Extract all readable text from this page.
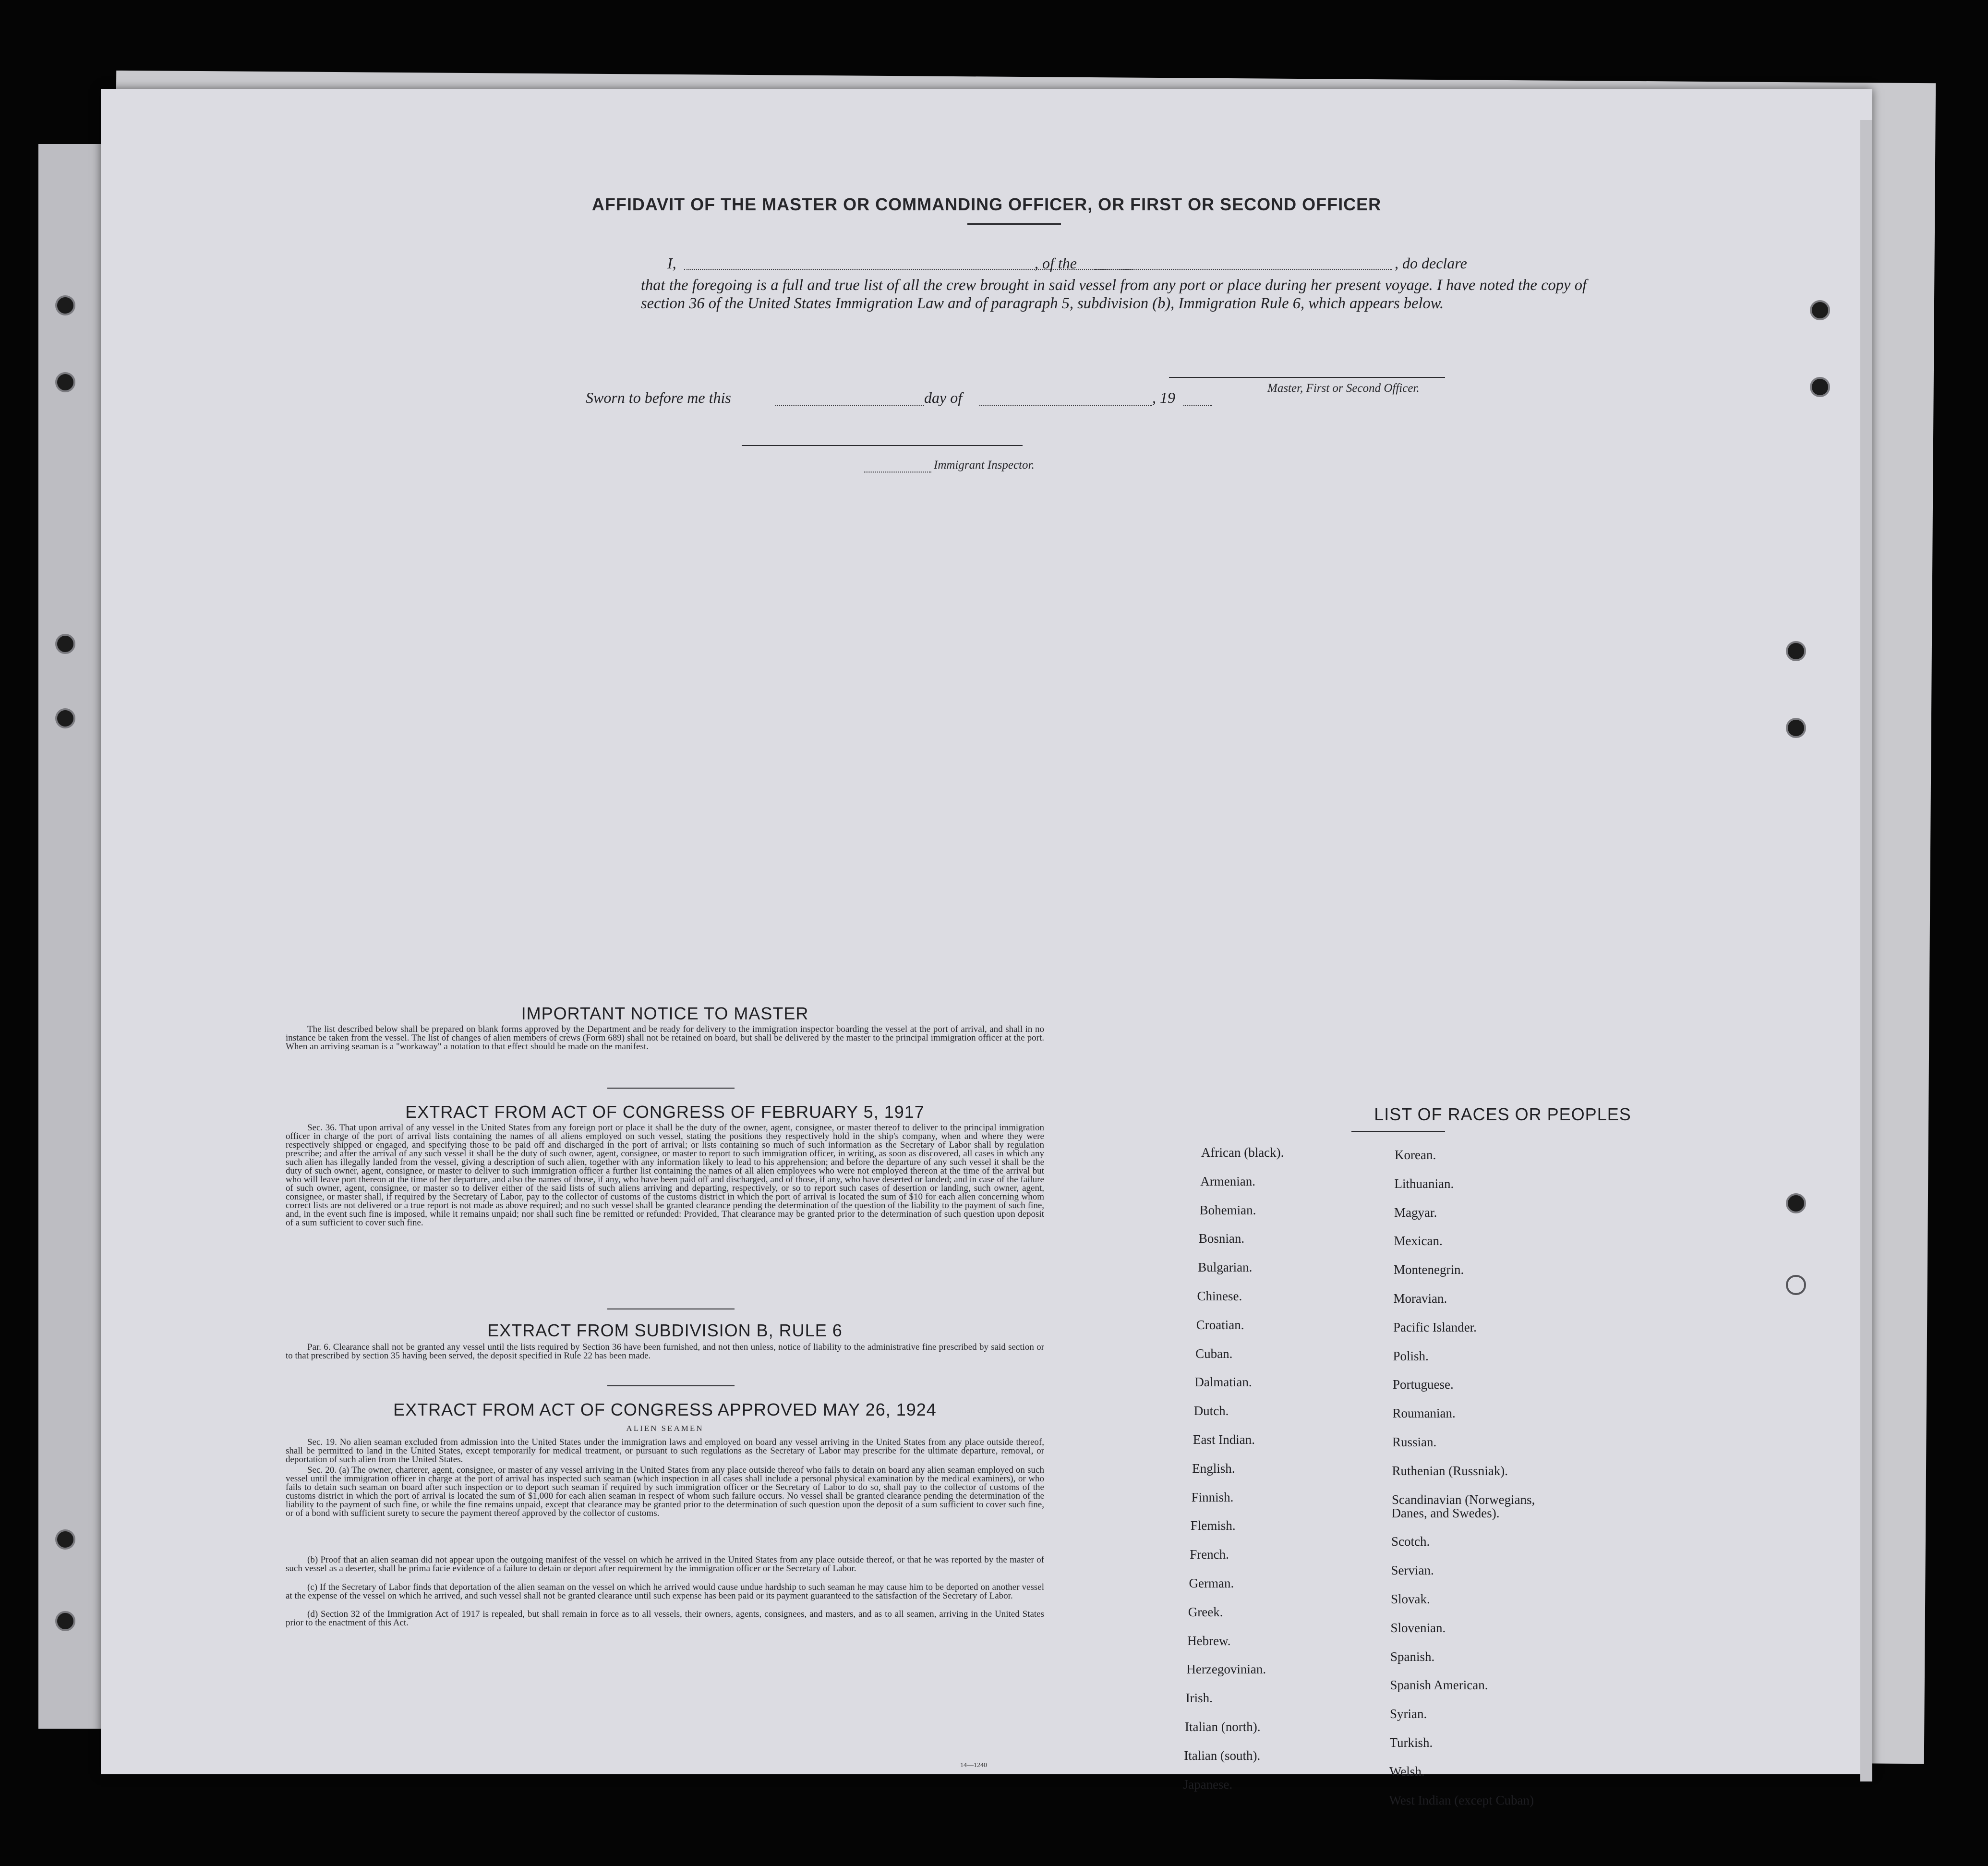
AFFIDAVIT OF THE MASTER OR COMMANDING OFFICER, OR FIRST OR SECOND OFFICER
I,	, of the	, do declare
that the foregoing is a full and true list of all the crew brought in said vessel from any port or place during her present voyage. I have noted the copy of section 36 of the United States Immigration Law and of paragraph 5, subdivision (b), Immigration Rule 6, which appears below.
Master, First or Second Officer.
Sworn to before me this	day of	, 19
Immigrant Inspector.
IMPORTANT NOTICE TO MASTER
The list described below shall be prepared on blank forms approved by the Department and be ready for delivery to the immigration inspector boarding the vessel at the port of arrival, and shall in no instance be taken from the vessel. The list of changes of alien members of crews (Form 689) shall not be retained on board, but shall be delivered by the master to the principal immigration officer at the port. When an arriving seaman is a "workaway" a notation to that effect should be made on the manifest.
EXTRACT FROM ACT OF CONGRESS OF FEBRUARY 5, 1917
Sec. 36. That upon arrival of any vessel in the United States from any foreign port or place it shall be the duty of the owner, agent, consignee, or master thereof to deliver to the principal immigration officer in charge of the port of arrival lists containing the names of all aliens employed on such vessel, stating the positions they respectively hold in the ship's company, when and where they were respectively shipped or engaged, and specifying those to be paid off and discharged in the port of arrival; or lists containing so much of such information as the Secretary of Labor shall by regulation prescribe; and after the arrival of any such vessel it shall be the duty of such owner, agent, consignee, or master to report to such immigration officer, in writing, as soon as discovered, all cases in which any such alien has illegally landed from the vessel, giving a description of such alien, together with any information likely to lead to his apprehension; and before the departure of any such vessel it shall be the duty of such owner, agent, consignee, or master to deliver to such immigration officer a further list containing the names of all alien employees who were not employed thereon at the time of the arrival but who will leave port thereon at the time of her departure, and also the names of those, if any, who have been paid off and discharged, and of those, if any, who have deserted or landed; and in case of the failure of such owner, agent, consignee, or master so to deliver either of the said lists of such aliens arriving and departing, respectively, or so to report such cases of desertion or landing, such owner, agent, consignee, or master shall, if required by the Secretary of Labor, pay to the collector of customs of the customs district in which the port of arrival is located the sum of $10 for each alien concerning whom correct lists are not delivered or a true report is not made as above required; and no such vessel shall be granted clearance pending the determination of the question of the liability to the payment of such fine, and, in the event such fine is imposed, while it remains unpaid; nor shall such fine be remitted or refunded: Provided, That clearance may be granted prior to the determination of such question upon deposit of a sum sufficient to cover such fine.
EXTRACT FROM SUBDIVISION B, RULE 6
Par. 6. Clearance shall not be granted any vessel until the lists required by Section 36 have been furnished, and not then unless, notice of liability to the administrative fine prescribed by said section or to that prescribed by section 35 having been served, the deposit specified in Rule 22 has been made.
EXTRACT FROM ACT OF CONGRESS APPROVED MAY 26, 1924
ALIEN SEAMEN
Sec. 19. No alien seaman excluded from admission into the United States under the immigration laws and employed on board any vessel arriving in the United States from any place outside thereof, shall be permitted to land in the United States, except temporarily for medical treatment, or pursuant to such regulations as the Secretary of Labor may prescribe for the ultimate departure, removal, or deportation of such alien from the United States.
Sec. 20. (a) The owner, charterer, agent, consignee, or master of any vessel arriving in the United States from any place outside thereof who fails to detain on board any alien seaman employed on such vessel until the immigration officer in charge at the port of arrival has inspected such seaman (which inspection in all cases shall include a personal physical examination by the medical examiners), or who fails to detain such seaman on board after such inspection or to deport such seaman if required by such immigration officer or the Secretary of Labor to do so, shall pay to the collector of customs of the customs district in which the port of arrival is located the sum of $1,000 for each alien seaman in respect of whom such failure occurs. No vessel shall be granted clearance pending the determination of the liability to the payment of such fine, or while the fine remains unpaid, except that clearance may be granted prior to the determination of such question upon the deposit of a sum sufficient to cover such fine, or of a bond with sufficient surety to secure the payment thereof approved by the collector of customs.
(b) Proof that an alien seaman did not appear upon the outgoing manifest of the vessel on which he arrived in the United States from any place outside thereof, or that he was reported by the master of such vessel as a deserter, shall be prima facie evidence of a failure to detain or deport after requirement by the immigration officer or the Secretary of Labor.
(c) If the Secretary of Labor finds that deportation of the alien seaman on the vessel on which he arrived would cause undue hardship to such seaman he may cause him to be deported on another vessel at the expense of the vessel on which he arrived, and such vessel shall not be granted clearance until such expense has been paid or its payment guaranteed to the satisfaction of the Secretary of Labor.
(d) Section 32 of the Immigration Act of 1917 is repealed, but shall remain in force as to all vessels, their owners, agents, consignees, and masters, and as to all seamen, arriving in the United States prior to the enactment of this Act.
14—1240
LIST OF RACES OR PEOPLES
African (black).
Armenian.
Bohemian.
Bosnian.
Bulgarian.
Chinese.
Croatian.
Cuban.
Dalmatian.
Dutch.
East Indian.
English.
Finnish.
Flemish.
French.
German.
Greek.
Hebrew.
Herzegovinian.
Irish.
Italian (north).
Italian (south).
Japanese.
Korean.
Lithuanian.
Magyar.
Mexican.
Montenegrin.
Moravian.
Pacific Islander.
Polish.
Portuguese.
Roumanian.
Russian.
Ruthenian (Russniak).
Scandinavian (Norwegians,
Danes, and Swedes).
Scotch.
Servian.
Slovak.
Slovenian.
Spanish.
Spanish American.
Syrian.
Turkish.
Welsh.
West Indian (except Cuban)
